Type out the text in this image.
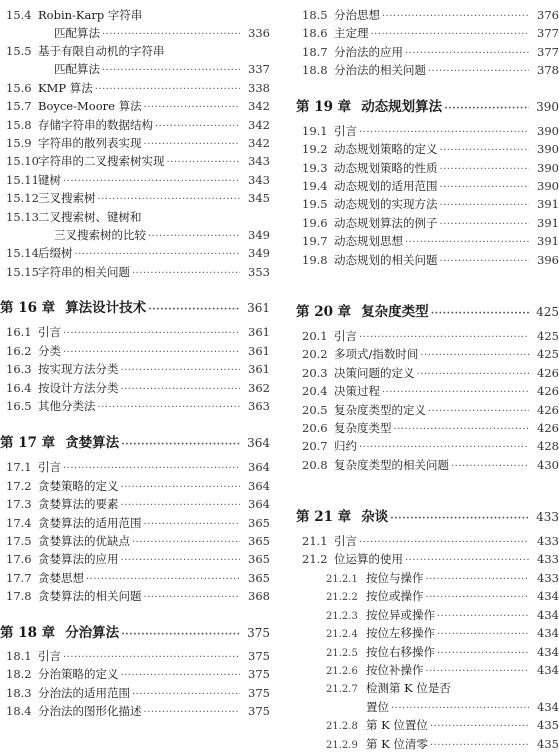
15.4 Robin-Karp 字符串
匹配算法 ·····	336
15.5 基于有限自动机的字符串
匹配算法 ·····	337
15.6 KMP 算法 ·····	338
15.7 Boyce-Moore 算法 ·····	342
15.8 存储字符串的数据结构 ·····	342
15.9 字符串的散列表实现 ·····	342
15.10 字符串的二叉搜索树实现 ·····	343
15.11 键树 ·····	343
15.12 三叉搜索树 ·····	345
15.13 二叉搜索树、键树和
三叉搜索树的比较 ·····	349
15.14 后缀树 ·····	349
15.15 字符串的相关问题 ·····	353
第 16 章 算法设计技术 ·····	361
16.1 引言 ·····	361
16.2 分类 ·····	361
16.3 按实现方法分类 ·····	361
16.4 按设计方法分类 ·····	362
16.5 其他分类法 ·····	363
第 17 章 贪婪算法 ·····	364
17.1 引言 ·····	364
17.2 贪婪策略的定义 ·····	364
17.3 贪婪算法的要素 ·····	364
17.4 贪婪算法的适用范围 ·····	365
17.5 贪婪算法的优缺点 ·····	365
17.6 贪婪算法的应用 ·····	365
17.7 贪婪思想 ·····	365
17.8 贪婪算法的相关问题 ·····	368
第 18 章 分治算法 ·····	375
18.1 引言 ·····	375
18.2 分治策略的定义 ·····	375
18.3 分治法的适用范围 ·····	375
18.4 分治法的图形化描述 ·····	375
18.5 分治思想 ·····	376
18.6 主定理 ·····	377
18.7 分治法的应用 ·····	377
18.8 分治法的相关问题 ·····	378
第 19 章 动态规划算法 ·····	390
19.1 引言 ·····	390
19.2 动态规划策略的定义 ·····	390
19.3 动态规划策略的性质 ·····	390
19.4 动态规划的适用范围 ·····	390
19.5 动态规划的实现方法 ·····	391
19.6 动态规划算法的例子 ·····	391
19.7 动态规划思想 ·····	391
19.8 动态规划的相关问题 ·····	396
第 20 章 复杂度类型 ·····	425
20.1 引言 ·····	425
20.2 多项式/指数时间 ·····	425
20.3 决策问题的定义 ·····	426
20.4 决策过程 ·····	426
20.5 复杂度类型的定义 ·····	426
20.6 复杂度类型 ·····	426
20.7 归约 ·····	428
20.8 复杂度类型的相关问题 ·····	430
第 21 章 杂谈 ·····	433
21.1 引言 ·····	433
21.2 位运算的使用 ·····	433
21.2.1 按位与操作 ·····	433
21.2.2 按位或操作 ·····	434
21.2.3 按位异或操作 ·····	434
21.2.4 按位左移操作 ·····	434
21.2.5 按位右移操作 ·····	434
21.2.6 按位补操作 ·····	434
21.2.7 检测第 K 位是否
置位 ·····	434
21.2.8 第 K 位置位 ·····	435
21.2.9 第 K 位清零 ·····	435
